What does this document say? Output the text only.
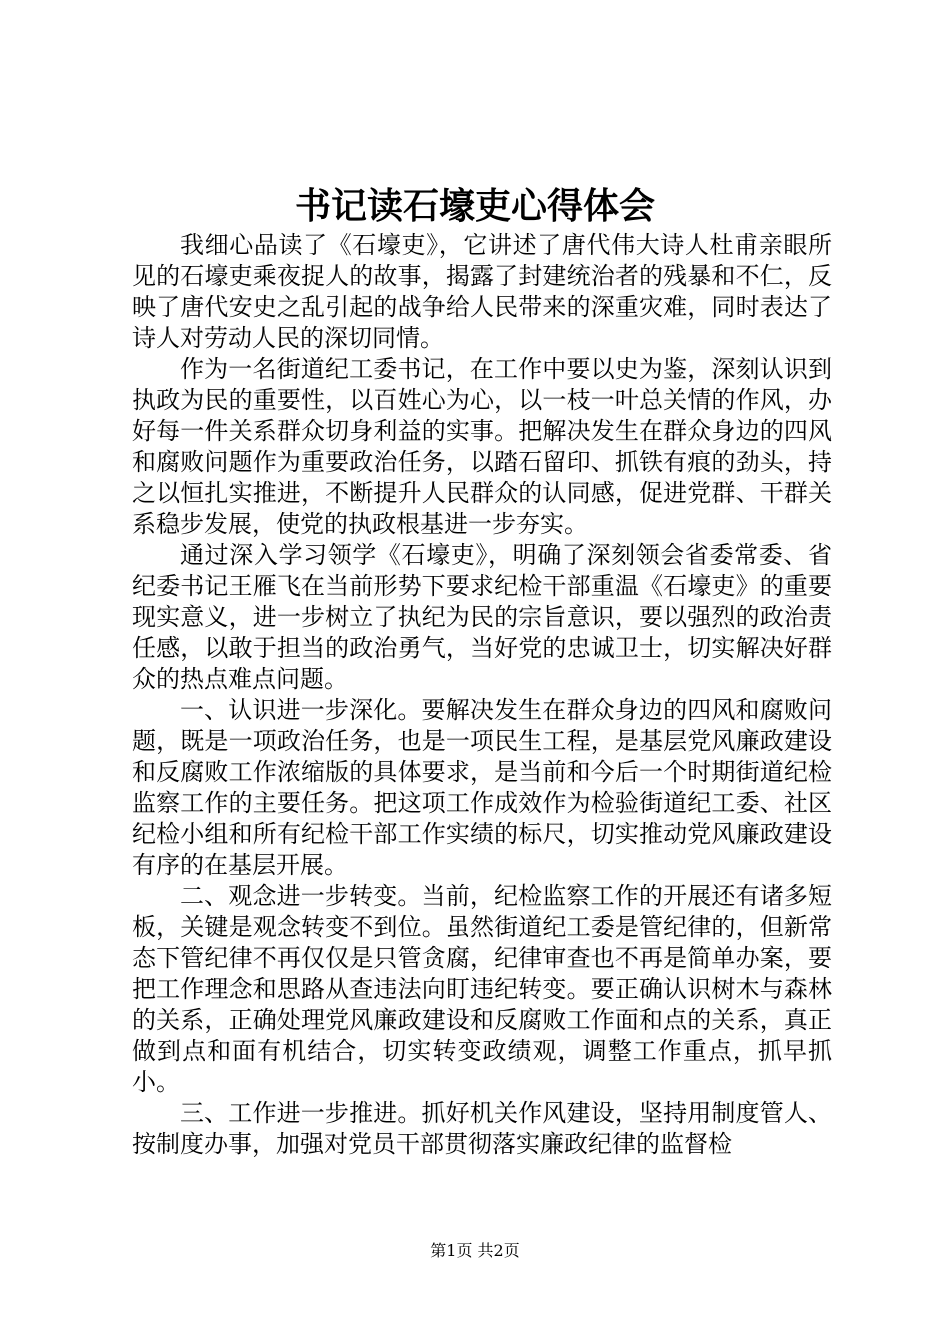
书记读石壕吏心得体会

我细心品读了《石壕吏》，它讲述了唐代伟大诗人杜甫亲眼所见的石壕吏乘夜捉人的故事，揭露了封建统治者的残暴和不仁，反映了唐代安史之乱引起的战争给人民带来的深重灾难，同时表达了诗人对劳动人民的深切同情。

作为一名街道纪工委书记，在工作中要以史为鉴，深刻认识到执政为民的重要性，以百姓心为心，以一枝一叶总关情的作风，办好每一件关系群众切身利益的实事。把解决发生在群众身边的四风和腐败问题作为重要政治任务，以踏石留印、抓铁有痕的劲头，持之以恒扎实推进，不断提升人民群众的认同感，促进党群、干群关系稳步发展，使党的执政根基进一步夯实。

通过深入学习领学《石壕吏》，明确了深刻领会省委常委、省纪委书记王雁飞在当前形势下要求纪检干部重温《石壕吏》的重要现实意义，进一步树立了执纪为民的宗旨意识，要以强烈的政治责任感，以敢于担当的政治勇气，当好党的忠诚卫士，切实解决好群众的热点难点问题。

一、认识进一步深化。要解决发生在群众身边的四风和腐败问题，既是一项政治任务，也是一项民生工程，是基层党风廉政建设和反腐败工作浓缩版的具体要求，是当前和今后一个时期街道纪检监察工作的主要任务。把这项工作成效作为检验街道纪工委、社区纪检小组和所有纪检干部工作实绩的标尺，切实推动党风廉政建设有序的在基层开展。

二、观念进一步转变。当前，纪检监察工作的开展还有诸多短板，关键是观念转变不到位。虽然街道纪工委是管纪律的，但新常态下管纪律不再仅仅是只管贪腐，纪律审查也不再是简单办案，要把工作理念和思路从查违法向盯违纪转变。要正确认识树木与森林的关系，正确处理党风廉政建设和反腐败工作面和点的关系，真正做到点和面有机结合，切实转变政绩观，调整工作重点，抓早抓小。

三、工作进一步推进。抓好机关作风建设，坚持用制度管人、按制度办事，加强对党员干部贯彻落实廉政纪律的监督检

第1页 共2页
